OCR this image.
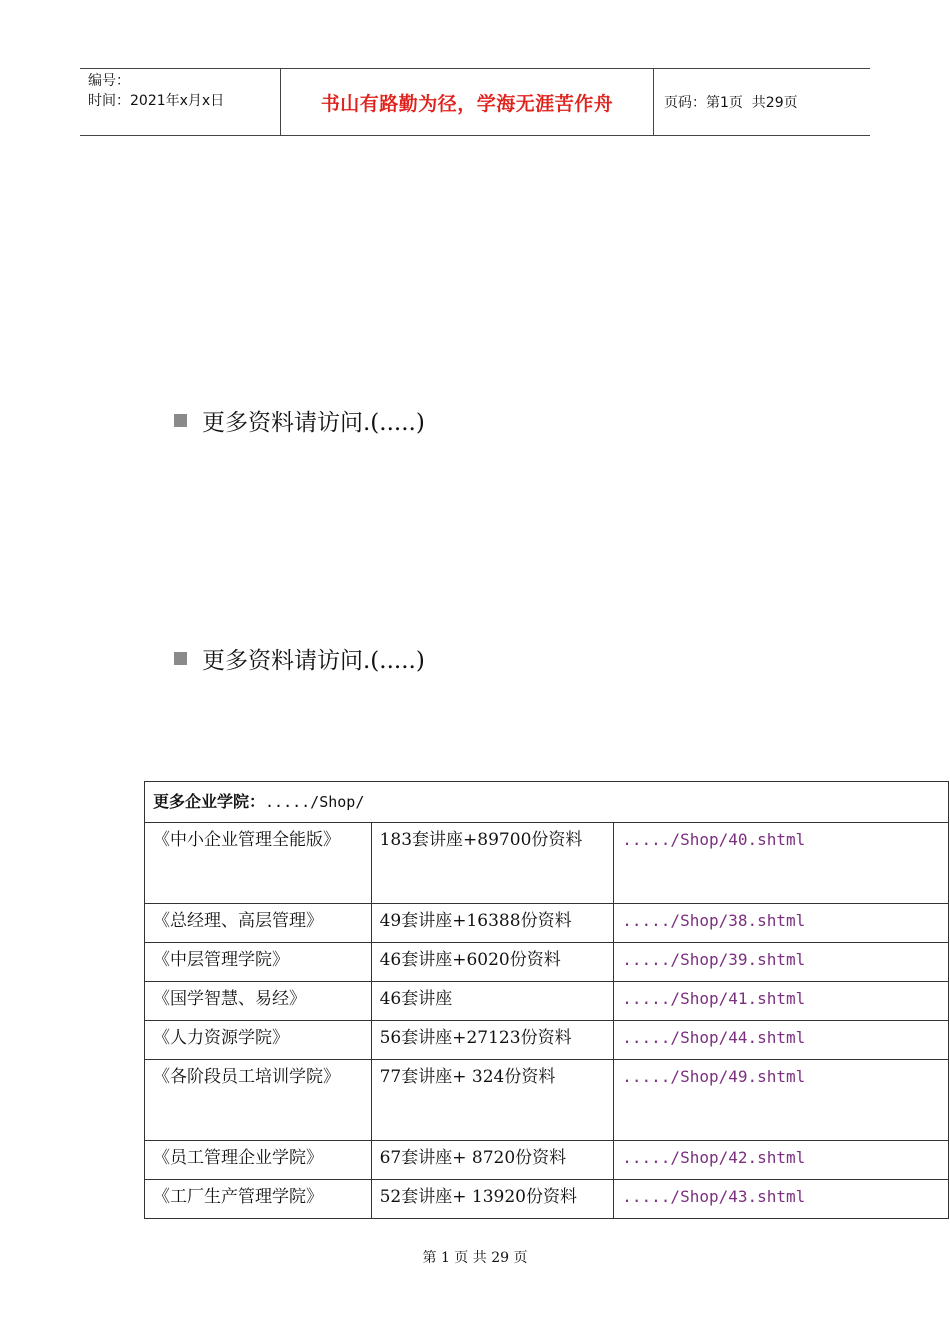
编号：
时间：2021年x月x日	书山有路勤为径，学海无涯苦作舟	页码：第1页  共29页
更多资料请访问.(.....)
更多资料请访问.(.....)
更多企业学院：...../Shop/		

《中小企业管理全能版》	183套讲座+89700份资料	...../Shop/40.shtml

《总经理、高层管理》	49套讲座+16388份资料	...../Shop/38.shtml

《中层管理学院》	46套讲座+6020份资料	...../Shop/39.shtml

《国学智慧、易经》	46套讲座	...../Shop/41.shtml

《人力资源学院》	56套讲座+27123份资料	...../Shop/44.shtml

《各阶段员工培训学院》	77套讲座+ 324份资料	...../Shop/49.shtml

《员工管理企业学院》	67套讲座+ 8720份资料	...../Shop/42.shtml

《工厂生产管理学院》	52套讲座+ 13920份资料	...../Shop/43.shtml
第 1 页 共 29 页
